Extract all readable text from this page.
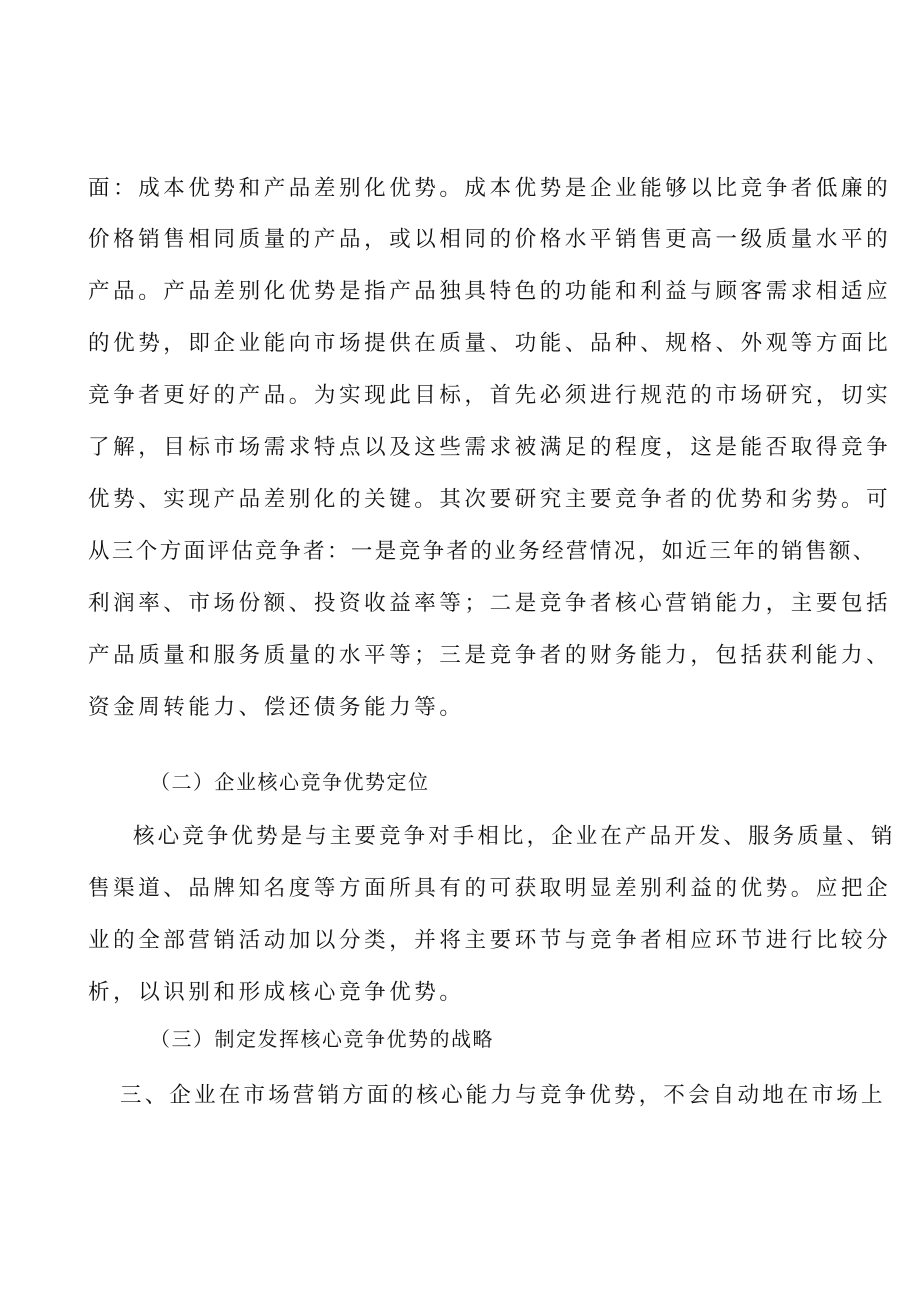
面：成本优势和产品差别化优势。成本优势是企业能够以比竞争者低廉的
价格销售相同质量的产品，或以相同的价格水平销售更高一级质量水平的
产品。产品差别化优势是指产品独具特色的功能和利益与顾客需求相适应
的优势，即企业能向市场提供在质量、功能、品种、规格、外观等方面比
竞争者更好的产品。为实现此目标，首先必须进行规范的市场研究，切实
了解，目标市场需求特点以及这些需求被满足的程度，这是能否取得竞争
优势、实现产品差别化的关键。其次要研究主要竞争者的优势和劣势。可
从三个方面评估竞争者：一是竞争者的业务经营情况，如近三年的销售额、
利润率、市场份额、投资收益率等；二是竞争者核心营销能力，主要包括
产品质量和服务质量的水平等；三是竞争者的财务能力，包括获利能力、
资金周转能力、偿还债务能力等。
（二）企业核心竞争优势定位
核心竞争优势是与主要竞争对手相比，企业在产品开发、服务质量、销
售渠道、品牌知名度等方面所具有的可获取明显差别利益的优势。应把企
业的全部营销活动加以分类，并将主要环节与竞争者相应环节进行比较分
析，以识别和形成核心竞争优势。
（三）制定发挥核心竞争优势的战略
三、企业在市场营销方面的核心能力与竞争优势，不会自动地在市场上
